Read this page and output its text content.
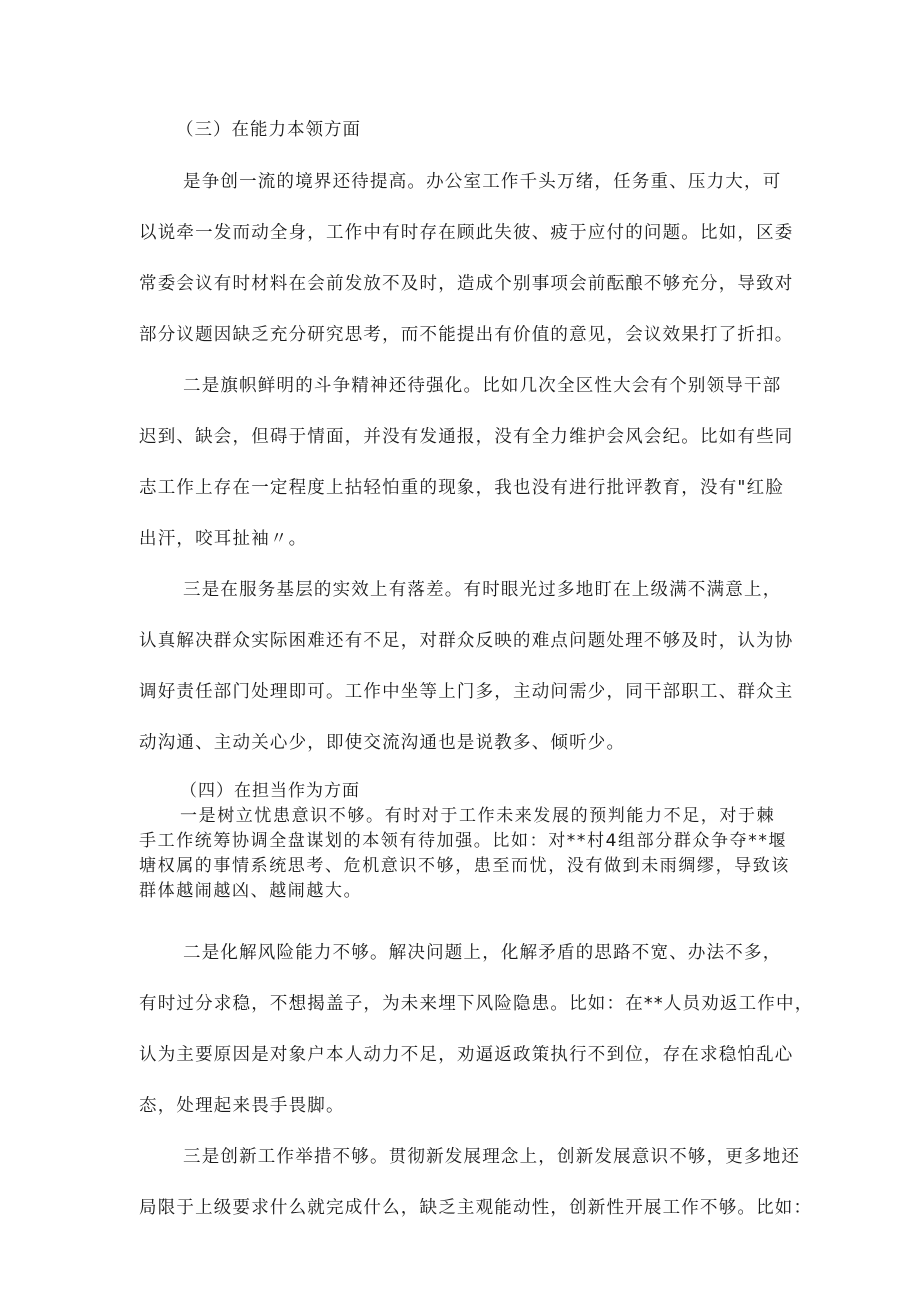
（三）在能力本领方面
是争创一流的境界还待提高。办公室工作千头万绪，任务重、压力大，可
以说牵一发而动全身，工作中有时存在顾此失彼、疲于应付的问题。比如，区委
常委会议有时材料在会前发放不及时，造成个别事项会前酝酿不够充分，导致对
部分议题因缺乏充分研究思考，而不能提出有价值的意见，会议效果打了折扣。
二是旗帜鲜明的斗争精神还待强化。比如几次全区性大会有个别领导干部
迟到、缺会，但碍于情面，并没有发通报，没有全力维护会风会纪。比如有些同
志工作上存在一定程度上拈轻怕重的现象，我也没有进行批评教育，没有"红脸
出汗，咬耳扯袖〃。
三是在服务基层的实效上有落差。有时眼光过多地盯在上级满不满意上，
认真解决群众实际困难还有不足，对群众反映的难点问题处理不够及时，认为协
调好责任部门处理即可。工作中坐等上门多，主动问需少，同干部职工、群众主
动沟通、主动关心少，即使交流沟通也是说教多、倾听少。
（四）在担当作为方面
一是树立忧患意识不够。有时对于工作未来发展的预判能力不足，对于棘
手工作统筹协调全盘谋划的本领有待加强。比如：对**村4组部分群众争夺**堰
塘权属的事情系统思考、危机意识不够，患至而忧，没有做到未雨绸缪，导致该
群体越闹越凶、越闹越大。
二是化解风险能力不够。解决问题上，化解矛盾的思路不宽、办法不多，
有时过分求稳，不想揭盖子，为未来埋下风险隐患。比如：在**人员劝返工作中，
认为主要原因是对象户本人动力不足，劝逼返政策执行不到位，存在求稳怕乱心
态，处理起来畏手畏脚。
三是创新工作举措不够。贯彻新发展理念上，创新发展意识不够，更多地还
局限于上级要求什么就完成什么，缺乏主观能动性，创新性开展工作不够。比如：
